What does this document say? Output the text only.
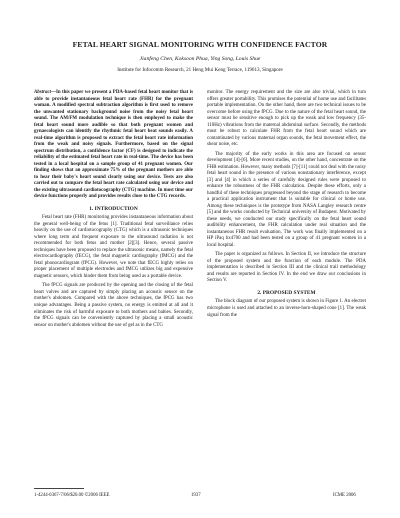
FETAL HEART SIGNAL MONITORING WITH CONFIDENCE FACTOR
Jianfeng Chen, Koksoon Phua, Ying Song, Louis Shue
Institute for Infocomm Research, 21 Heng Mui Keng Terrace, 119613, Singapore

Abstract—In this paper we present a PDA-based fetal heart monitor that is able to provide instantaneous fetal heart rate (FHR) for the pregnant woman. A modified spectral subtraction algorithm is first used to remove the unwanted stationary background noise from the noisy fetal heart sound. The AM/FM modulation technique is then employed to make the fetal heart sound more audible so that both pregnant women and gynaecologists can identify the rhythmic fetal heart beat sounds easily. A real-time algorithm is proposed to extract the fetal heart rate information from the weak and noisy signals. Furthermore, based on the signal spectrum distribution, a confidence factor (CF) is designed to indicate the reliability of the estimated fetal heart rate in real-time. The device has been tested in a local hospital on a sample group of 41 pregnant women. Our finding shows that an approximate 75% of the pregnant mothers are able to hear their baby's heart sound clearly using our device. Tests are also carried out to compare the fetal heart rate calculated using our device and the existing ultrasound cardiotocography (CTG) machine. In most time our device functions properly and provides results close to the CTG records.

1. INTRODUCTION

Fetal heart rate (FHR) monitoring provides instantaneous information about the general well-being of the fetus [1]. Traditional fetal surveillance relies heavily on the use of cardiotocography (CTG) which is a ultrasonic techniques where long term and frequent exposure to the ultrasound radiation is not recommended for both fetus and mother [2][3]. Hence, several passive techniques have been proposed to replace the ultrasonic means, namely the fetal electrocardiography (fECG), the fetal magnetic cardiography (fMCG) and the fetal phonocardiogram (fPCG). However, we note that fECG highly relies on proper placement of multiple electrodes and fMCG utilizes big and expensive magnetic sensors, which hinder them from being used as a portable device.

The fPCG signals are produced by the opening and the closing of the fetal heart valves and are captured by simply placing an acoustic sensor on the mother's abdomen. Compared with the above techniques, the fPCG has two unique advantages. Being a passive system, no energy is emitted at all and it eliminates the risk of harmful exposure to both mothers and babies. Secondly, the fPCG signals can be conveniently captured by placing a small acoustic sensor on mother's abdomen without the use of gel as in the CTG

monitor. The energy requirement and the size are also trivial, which in turn offers greater portability. This promises the potential of home use and facilitates portable implementation. On the other hand, there are two technical issues to be overcome before using the fPCG. Due to the nature of the fetal heart sound, the sensor must be sensitive enough to pick up the weak and low frequency (35-110Hz) vibrations from the maternal abdominal surface. Secondly, the methods must be robust to calculate FHR from the fetal heart sound which are contaminated by various maternal organ sounds, the fetal movement effect, the shear noise, etc.

The majority of the early works in this area are focused on sensor development [4]-[6]. More recent studies, on the other hand, concentrate on the FHR estimation. However, many methods [7]-[11] could not deal with the noisy fetal heart sound in the presence of various nonstationary interference, except [3] and [4] in which a series of carefully designed rules were proposed to enhance the robustness of the FHR calculation. Despite these efforts, only a handful of these techniques progressed beyond the stage of research to become a practical application instrument that is suitable for clinical or home use. Among these techniques is the prototype from NASA Langley research centre [5] and the works conducted by Technical university of Budapest. Motivated by these needs, we conducted our study specifically on the fetal heart sound audibility enhancement, the FHR calculation under real situation and the instantaneous FHR result evaluation. The work was finally implemented on a HP iPaq hx4700 and had been tested on a group of 41 pregnant women in a local hospital.

The paper is organized as follows. In Section II, we introduce the structure of the proposed system and the function of each module. The PDA implementation is described in Section III and the clinical trail methodology and results are reported in Section IV. In the end we draw our conclusions in Section V.

2. PROPOSED SYSTEM

The block diagram of our proposed system is shown in Figure 1. An electret microphone is used and attached to an inverse-horn-shaped cone [1]. The weak signal from the

1-4244-0367-7/06/$20.00 ©2006 IEEE	1937	ICME 2006
